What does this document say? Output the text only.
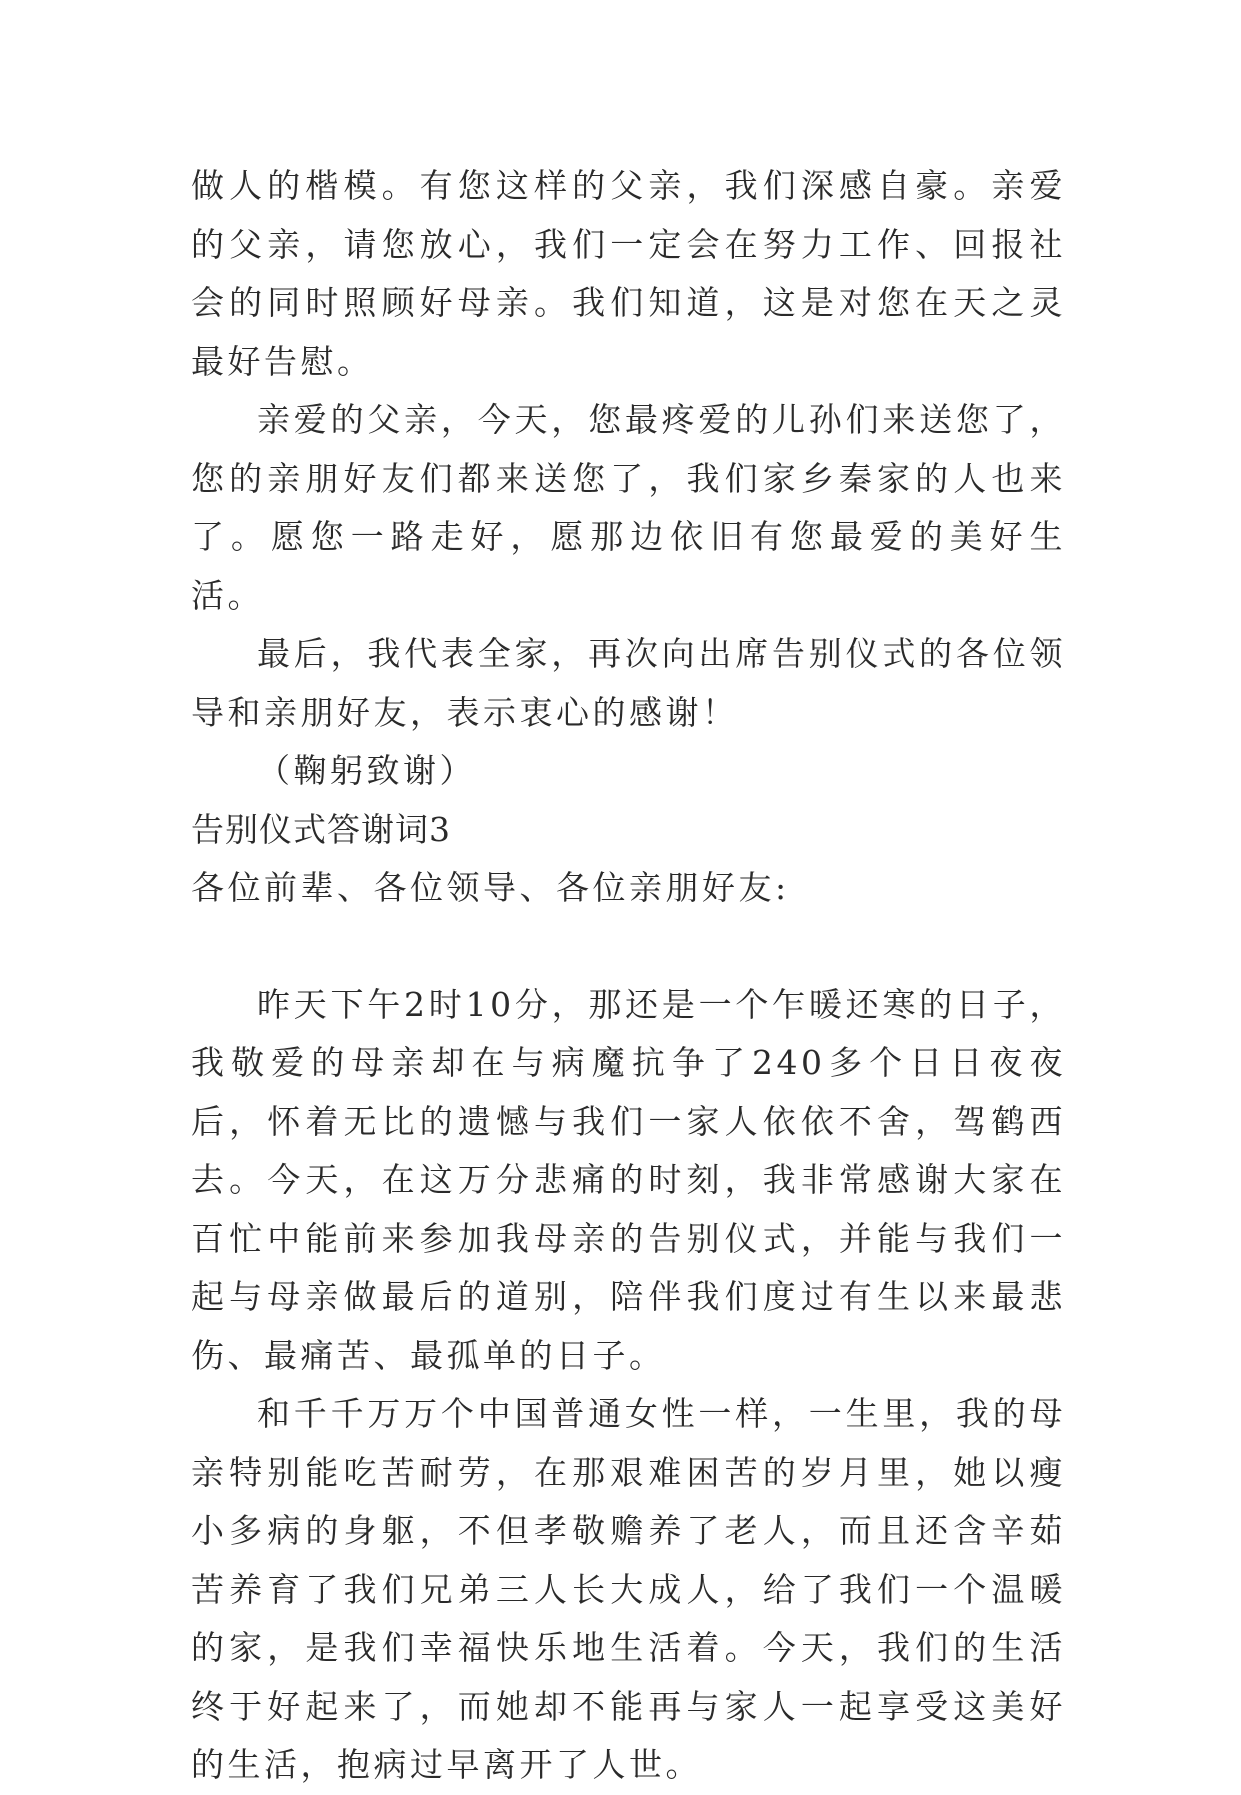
做人的楷模。有您这样的父亲，我们深感自豪。亲爱的父亲，请您放心，我们一定会在努力工作、回报社会的同时照顾好母亲。我们知道，这是对您在天之灵最好告慰。

亲爱的父亲，今天，您最疼爱的儿孙们来送您了，您的亲朋好友们都来送您了，我们家乡秦家的人也来了。愿您一路走好，愿那边依旧有您最爱的美好生活。

最后，我代表全家，再次向出席告别仪式的各位领导和亲朋好友，表示衷心的感谢！

（鞠躬致谢）

告别仪式答谢词3

各位前辈、各位领导、各位亲朋好友:

昨天下午2时10分，那还是一个乍暖还寒的日子，我敬爱的母亲却在与病魔抗争了240多个日日夜夜后，怀着无比的遗憾与我们一家人依依不舍，驾鹤西去。今天，在这万分悲痛的时刻，我非常感谢大家在百忙中能前来参加我母亲的告别仪式，并能与我们一起与母亲做最后的道别，陪伴我们度过有生以来最悲伤、最痛苦、最孤单的日子。

和千千万万个中国普通女性一样，一生里，我的母亲特别能吃苦耐劳，在那艰难困苦的岁月里，她以瘦小多病的身躯，不但孝敬赡养了老人，而且还含辛茹苦养育了我们兄弟三人长大成人，给了我们一个温暖的家，是我们幸福快乐地生活着。今天，我们的生活终于好起来了，而她却不能再与家人一起享受这美好的生活，抱病过早离开了人世。
